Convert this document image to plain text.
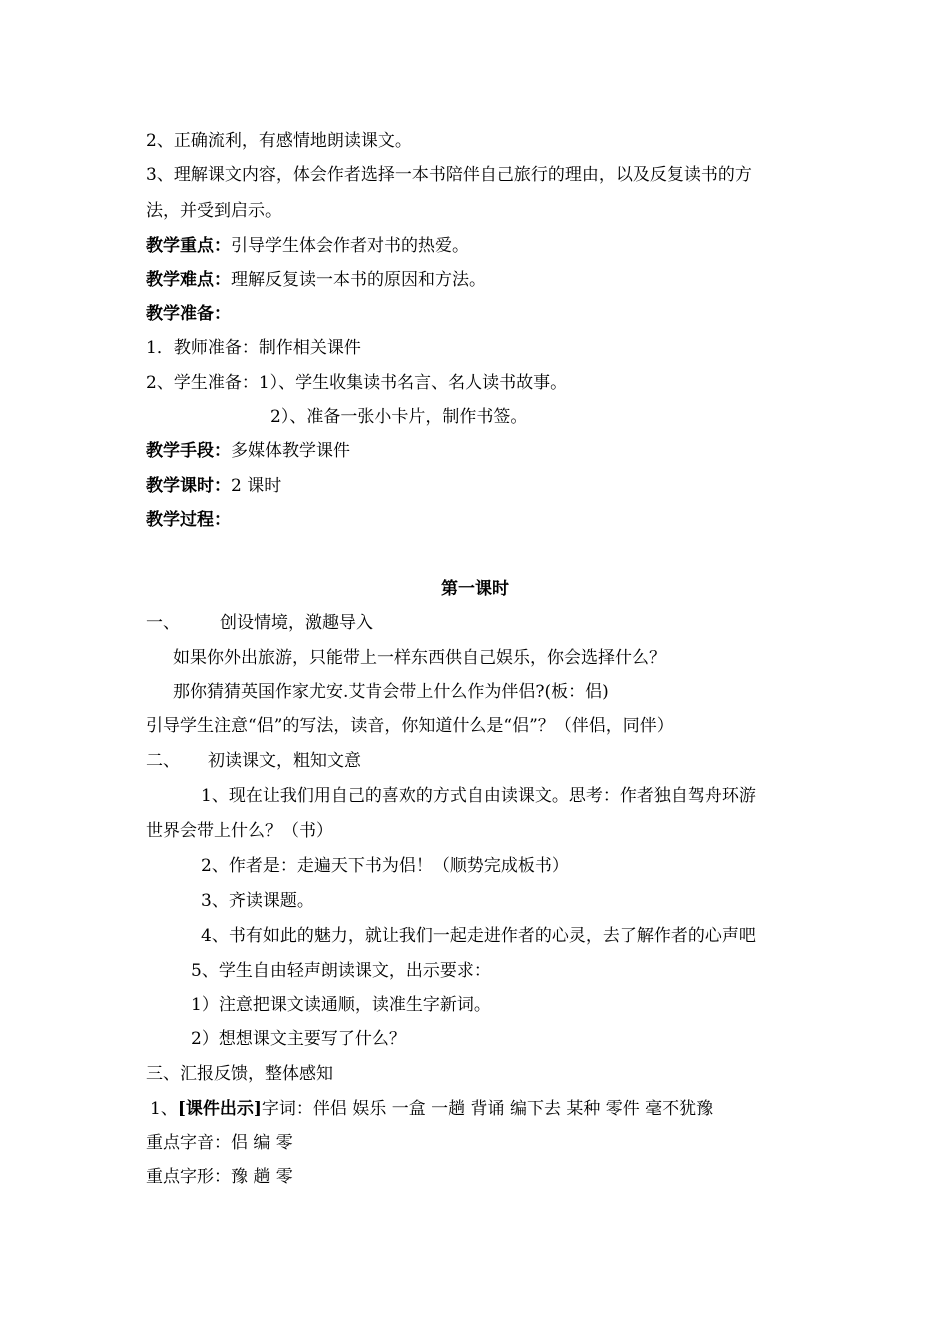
2、正确流利，有感情地朗读课文。
3、理解课文内容，体会作者选择一本书陪伴自己旅行的理由，以及反复读书的方
法，并受到启示。
教学重点：引导学生体会作者对书的热爱。
教学难点：理解反复读一本书的原因和方法。
教学准备：
1．教师准备：制作相关课件
2、学生准备：1）、学生收集读书名言、名人读书故事。
2）、准备一张小卡片，制作书签。
教学手段：多媒体教学课件
教学课时：2 课时
教学过程：
第一课时
一、 创设情境，激趣导入
如果你外出旅游，只能带上一样东西供自己娱乐，你会选择什么？
那你猜猜英国作家尤安.艾肯会带上什么作为伴侣?(板：侣)
引导学生注意“侣”的写法，读音，你知道什么是“侣”？（伴侣，同伴）
二、 初读课文，粗知文意
1、现在让我们用自己的喜欢的方式自由读课文。思考：作者独自驾舟环游
世界会带上什么？（书）
2、作者是：走遍天下书为侣！（顺势完成板书）
3、齐读课题。
4、书有如此的魅力，就让我们一起走进作者的心灵，去了解作者的心声吧
5、学生自由轻声朗读课文，出示要求：
1）注意把课文读通顺，读准生字新词。
2）想想课文主要写了什么？
三、汇报反馈，整体感知
1、[课件出示]字词：伴侣 娱乐 一盒 一趟 背诵 编下去 某种 零件 毫不犹豫
重点字音：侣 编 零
重点字形：豫 趟 零
